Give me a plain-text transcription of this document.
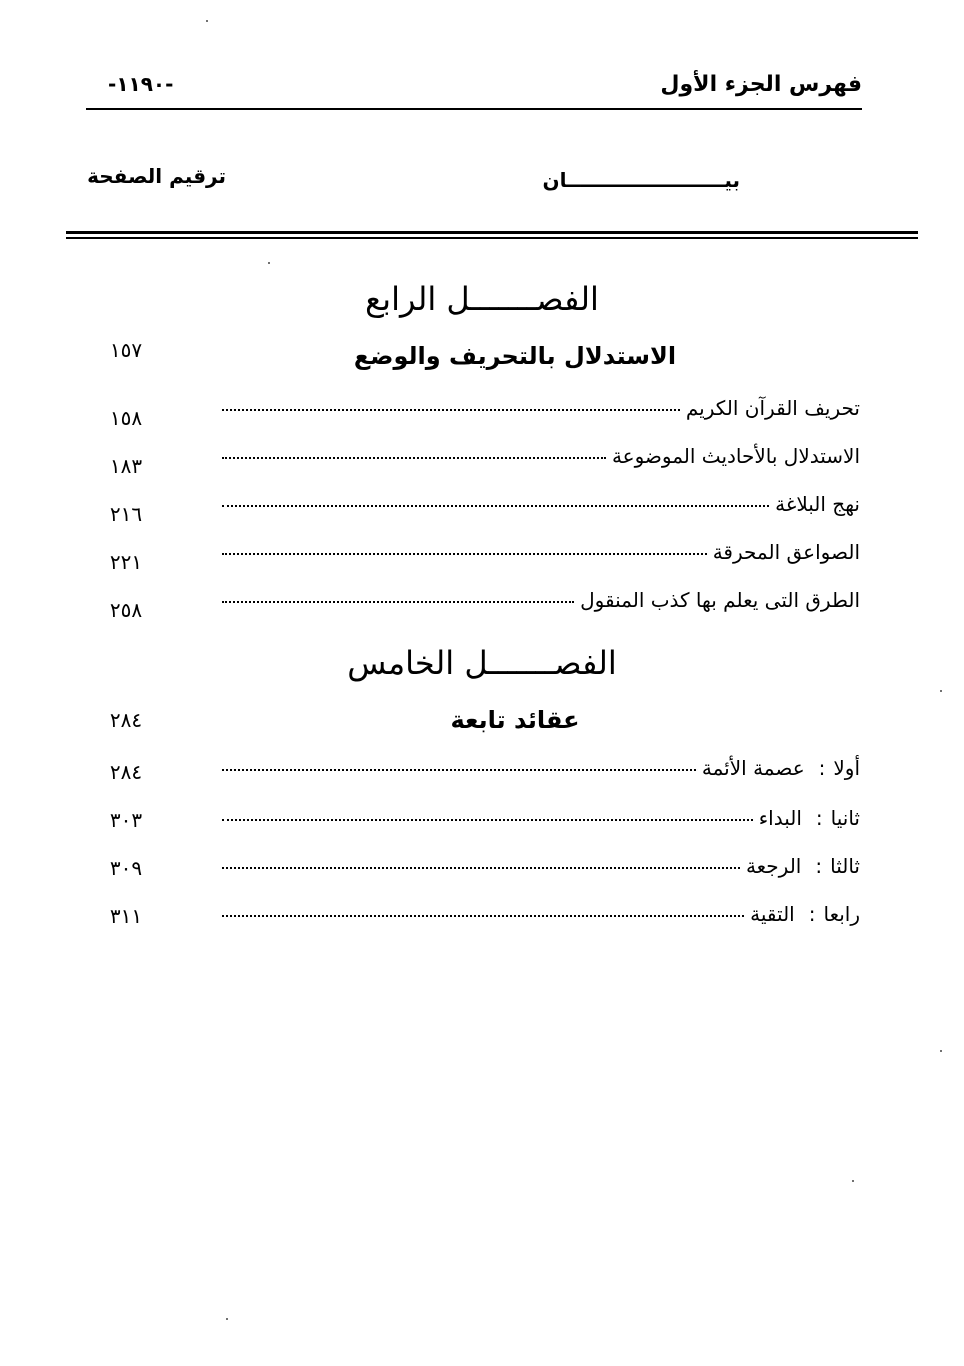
فهرس الجزء الأول
-١١٩٠-
بيـــــــــــــــــــــــان
ترقيم الصفحة
الفصـــــــل الرابع
الاستدلال بالتحريف والوضع
١٥٧
تحريف القرآن الكريم
١٥٨
الاستدلال بالأحاديث الموضوعة
١٨٣
نهج البلاغة
٢١٦
الصواعق المحرقة
٢٢١
الطرق التى يعلم بها كذب المنقول
٢٥٨
الفصـــــــل الخامس
عقائد تابعة
٢٨٤
أولا
:
عصمة الأئمة
٢٨٤
ثانيا
:
البداء
٣٠٣
ثالثا
:
الرجعة
٣٠٩
رابعا
:
التقية
٣١١
